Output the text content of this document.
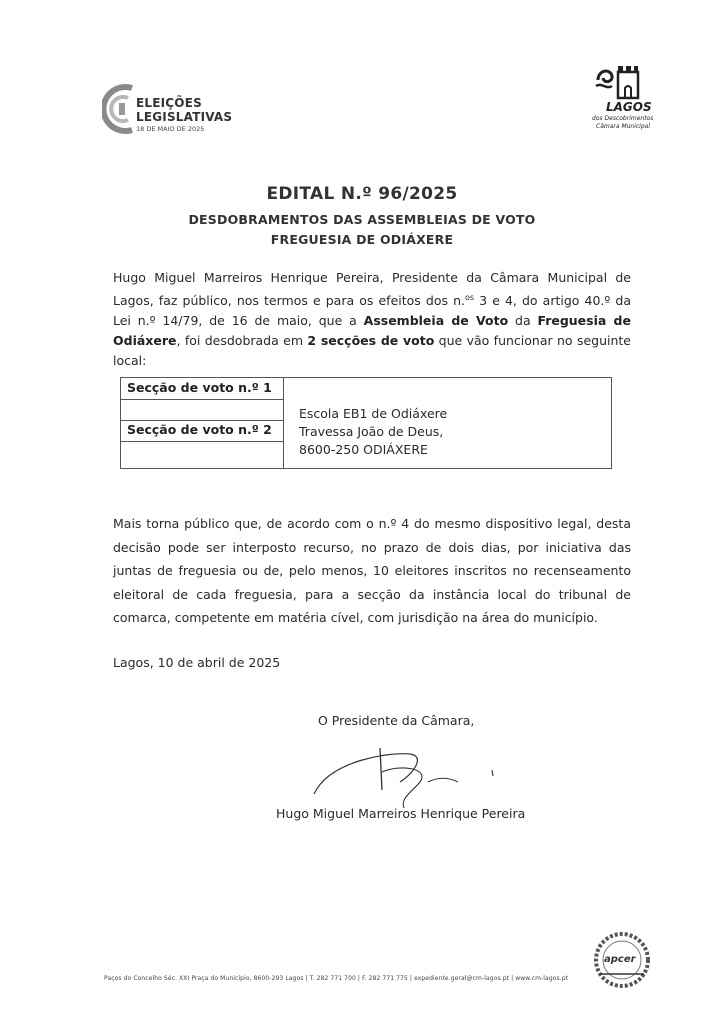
ELEIÇÕES
LEGISLATIVAS
18 DE MAIO DE 2025
LAGOS
dos Descobrimentos
Câmara Municipal
EDITAL N.º 96/2025
DESDOBRAMENTOS DAS ASSEMBLEIAS DE VOTO
FREGUESIA DE ODIÁXERE
Hugo Miguel Marreiros Henrique Pereira, Presidente da Câmara Municipal de Lagos, faz público, nos termos e para os efeitos dos n.$^{os}$ 3 e 4, do artigo 40.º da Lei n.º 14/79, de 16 de maio, que a Assembleia de Voto da Freguesia de Odiáxere, foi desdobrada em 2 secções de voto que vão funcionar no seguinte local:
Secção de voto n.º 1
Secção de voto n.º 2
Escola EB1 de Odiáxere
Travessa João de Deus,
8600-250 ODIÁXERE
Mais torna público que, de acordo com o n.º 4 do mesmo dispositivo legal, desta decisão pode ser interposto recurso, no prazo de dois dias, por iniciativa das juntas de freguesia ou de, pelo menos, 10 eleitores inscritos no recenseamento eleitoral de cada freguesia, para a secção da instância local do tribunal de comarca, competente em matéria cível, com jurisdição na área do município.
Lagos, 10 de abril de 2025
O Presidente da Câmara,
Hugo Miguel Marreiros Henrique Pereira
Paços do Concelho Séc. XXI Praça do Município, 8600-293 Lagos | T. 282 771 700 | F. 282 771 775 | expediente.geral@cm-lagos.pt | www.cm-lagos.pt
apcer
